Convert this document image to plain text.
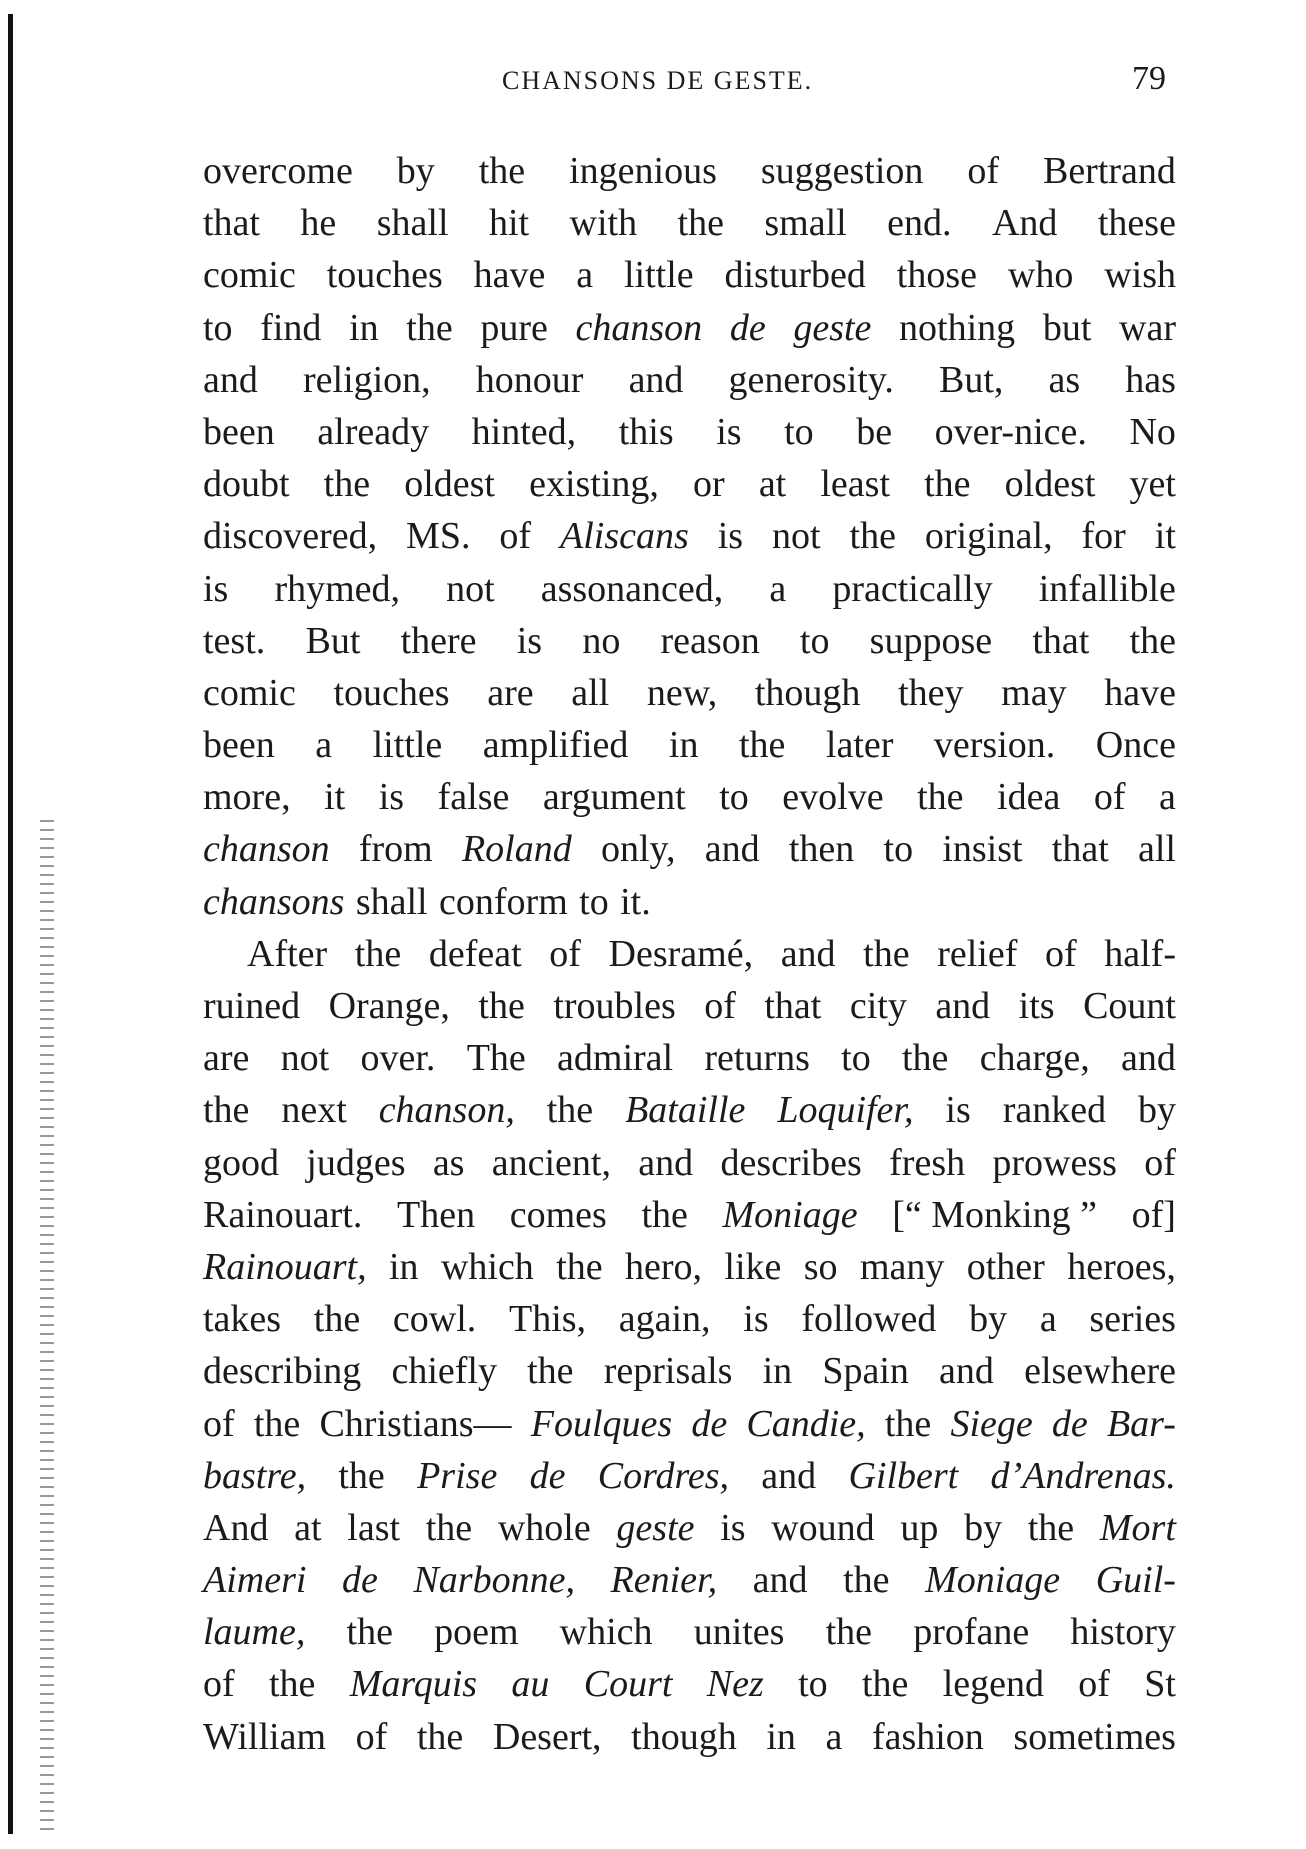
CHANSONS DE GESTE.	79
overcome by the ingenious suggestion of Bertrand
that he shall hit with the small end. And these
comic touches have a little disturbed those who wish
to find in the pure chanson de geste nothing but war
and religion, honour and generosity. But, as has
been already hinted, this is to be over-nice. No
doubt the oldest existing, or at least the oldest yet
discovered, MS. of Aliscans is not the original, for it
is rhymed, not assonanced, a practically infallible
test. But there is no reason to suppose that the
comic touches are all new, though they may have
been a little amplified in the later version. Once
more, it is false argument to evolve the idea of a
chanson from Roland only, and then to insist that all
chansons shall conform to it.
After the defeat of Desramé, and the relief of half-
ruined Orange, the troubles of that city and its Count
are not over. The admiral returns to the charge, and
the next chanson, the Bataille Loquifer, is ranked by
good judges as ancient, and describes fresh prowess of
Rainouart. Then comes the Moniage [“ Monking ” of]
Rainouart, in which the hero, like so many other heroes,
takes the cowl. This, again, is followed by a series
describing chiefly the reprisals in Spain and elsewhere
of the Christians— Foulques de Candie, the Siege de Bar-
bastre, the Prise de Cordres, and Gilbert d’Andrenas.
And at last the whole geste is wound up by the Mort
Aimeri de Narbonne, Renier, and the Moniage Guil-
laume, the poem which unites the profane history
of the Marquis au Court Nez to the legend of St
William of the Desert, though in a fashion sometimes
